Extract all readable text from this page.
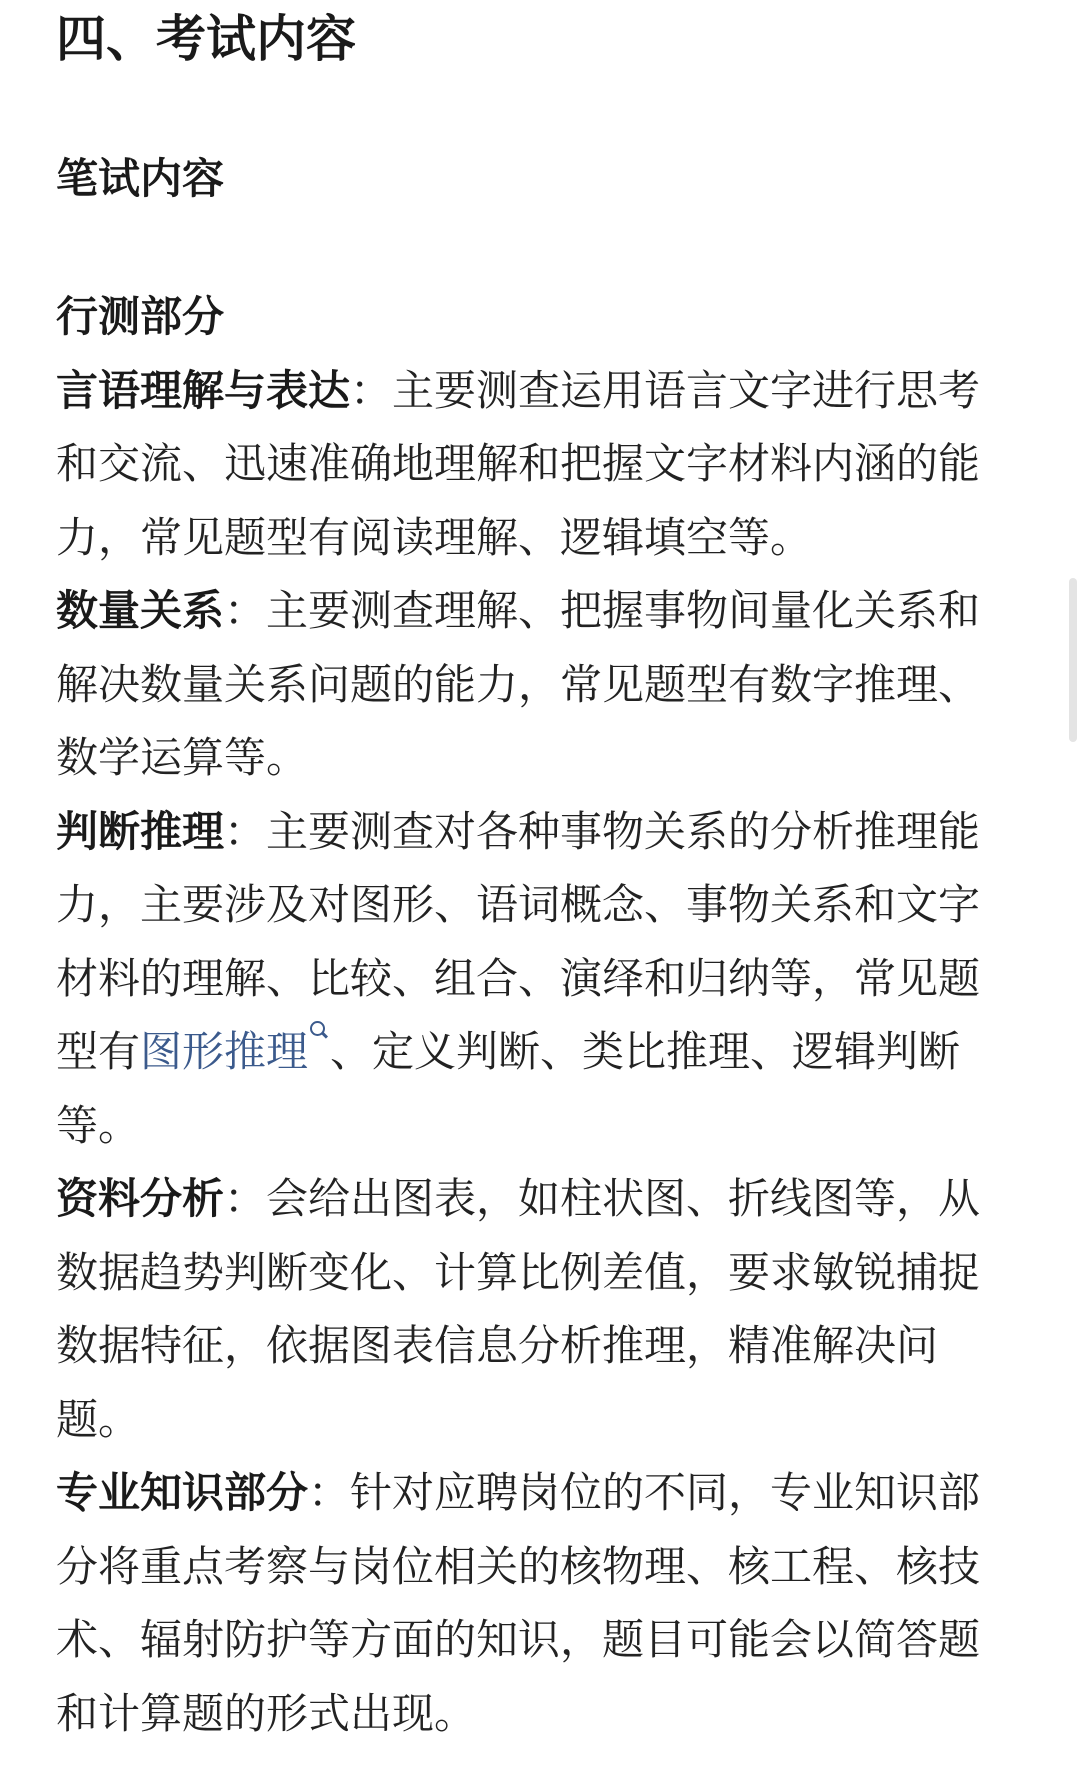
四、考试内容
笔试内容
行测部分

言语理解与表达：主要测查运用语言文字进行思考和交流、迅速准确地理解和把握文字材料内涵的能力，常见题型有阅读理解、逻辑填空等。

数量关系：主要测查理解、把握事物间量化关系和解决数量关系问题的能力，常见题型有数字推理、数学运算等。

判断推理：主要测查对各种事物关系的分析推理能力，主要涉及对图形、语词概念、事物关系和文字材料的理解、比较、组合、演绎和归纳等，常见题型有图形推理 、定义判断、类比推理、逻辑判断等。

资料分析：会给出图表，如柱状图、折线图等，从数据趋势判断变化、计算比例差值，要求敏锐捕捉数据特征，依据图表信息分析推理，精准解决问题。

专业知识部分：针对应聘岗位的不同，专业知识部分将重点考察与岗位相关的核物理、核工程、核技术、辐射防护等方面的知识，题目可能会以简答题和计算题的形式出现。
